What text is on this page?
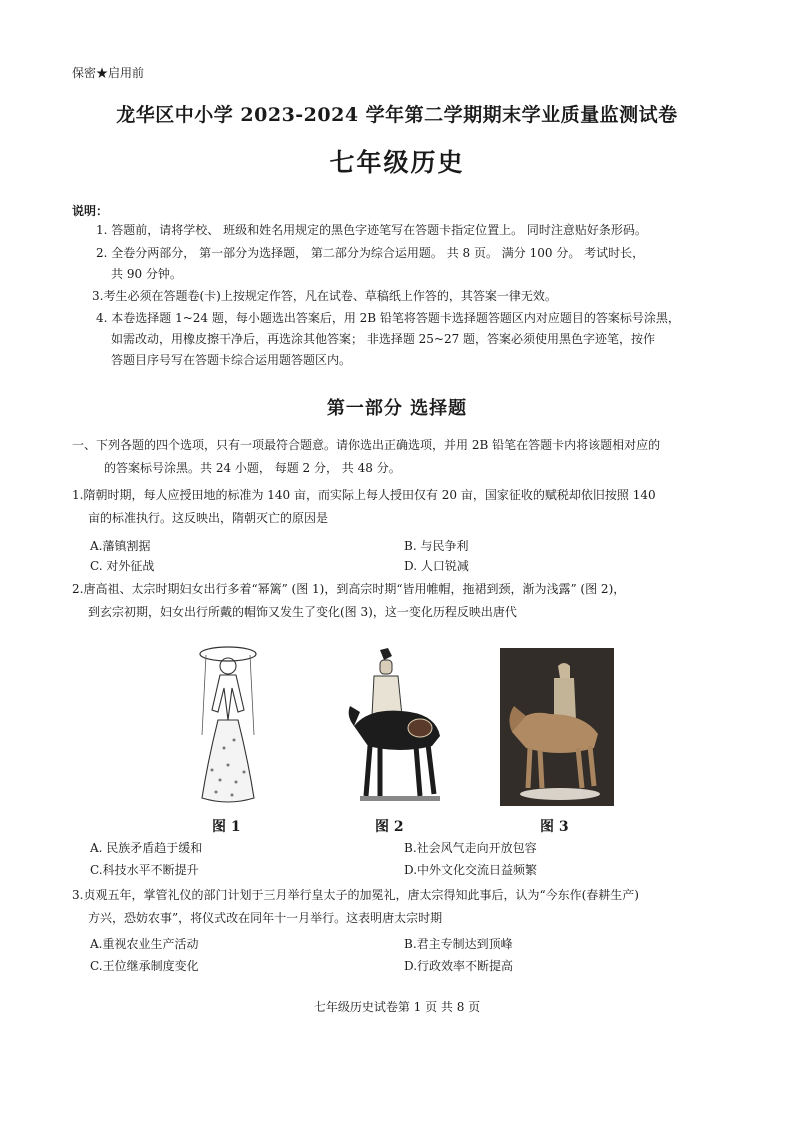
保密★启用前
龙华区中小学 2023-2024 学年第二学期期末学业质量监测试卷
七年级历史
说明：
1. 答题前，请将学校、 班级和姓名用规定的黑色字迹笔写在答题卡指定位置上。 同时注意贴好条形码。
2. 全卷分两部分， 第一部分为选择题， 第二部分为综合运用题。 共 8 页。 满分 100 分。 考试时长，
共 90 分钟。
3.考生必须在答题卷(卡)上按规定作答，凡在试卷、草稿纸上作答的，其答案一律无效。
4. 本卷选择题 1~24 题，每小题选出答案后，用 2B 铅笔将答题卡选择题答题区内对应题目的答案标号涂黑，
如需改动，用橡皮擦干净后，再选涂其他答案； 非选择题 25~27 题，答案必须使用黑色字迹笔，按作
答题目序号写在答题卡综合运用题答题区内。
第一部分 选择题
一、下列各题的四个选项，只有一项最符合题意。请你选出正确选项，并用 2B 铅笔在答题卡内将该题相对应的
的答案标号涂黑。共 24 小题， 每题 2 分， 共 48 分。
1.隋朝时期，每人应授田地的标准为 140 亩，而实际上每人授田仅有 20 亩，国家征收的赋税却依旧按照 140
亩的标准执行。这反映出，隋朝灭亡的原因是
A.藩镇割据	B. 与民争利
C. 对外征战	D. 人口锐减
2.唐高祖、太宗时期妇女出行多着“幂篱” (图 1)，到高宗时期“皆用帷帽，拖裙到颈，渐为浅露” (图 2)，
到玄宗初期，妇女出行所戴的帽饰又发生了变化(图 3)，这一变化历程反映出唐代
图 1	图 2	图 3
A. 民族矛盾趋于缓和	B.社会风气走向开放包容
C.科技水平不断提升	D.中外文化交流日益频繁
3.贞观五年，掌管礼仪的部门计划于三月举行皇太子的加冕礼，唐太宗得知此事后，认为“今东作(春耕生产)
方兴，恐妨农事”，将仪式改在同年十一月举行。这表明唐太宗时期
A.重视农业生产活动	B.君主专制达到顶峰
C.王位继承制度变化	D.行政效率不断提高
七年级历史试卷第 1 页 共 8 页
